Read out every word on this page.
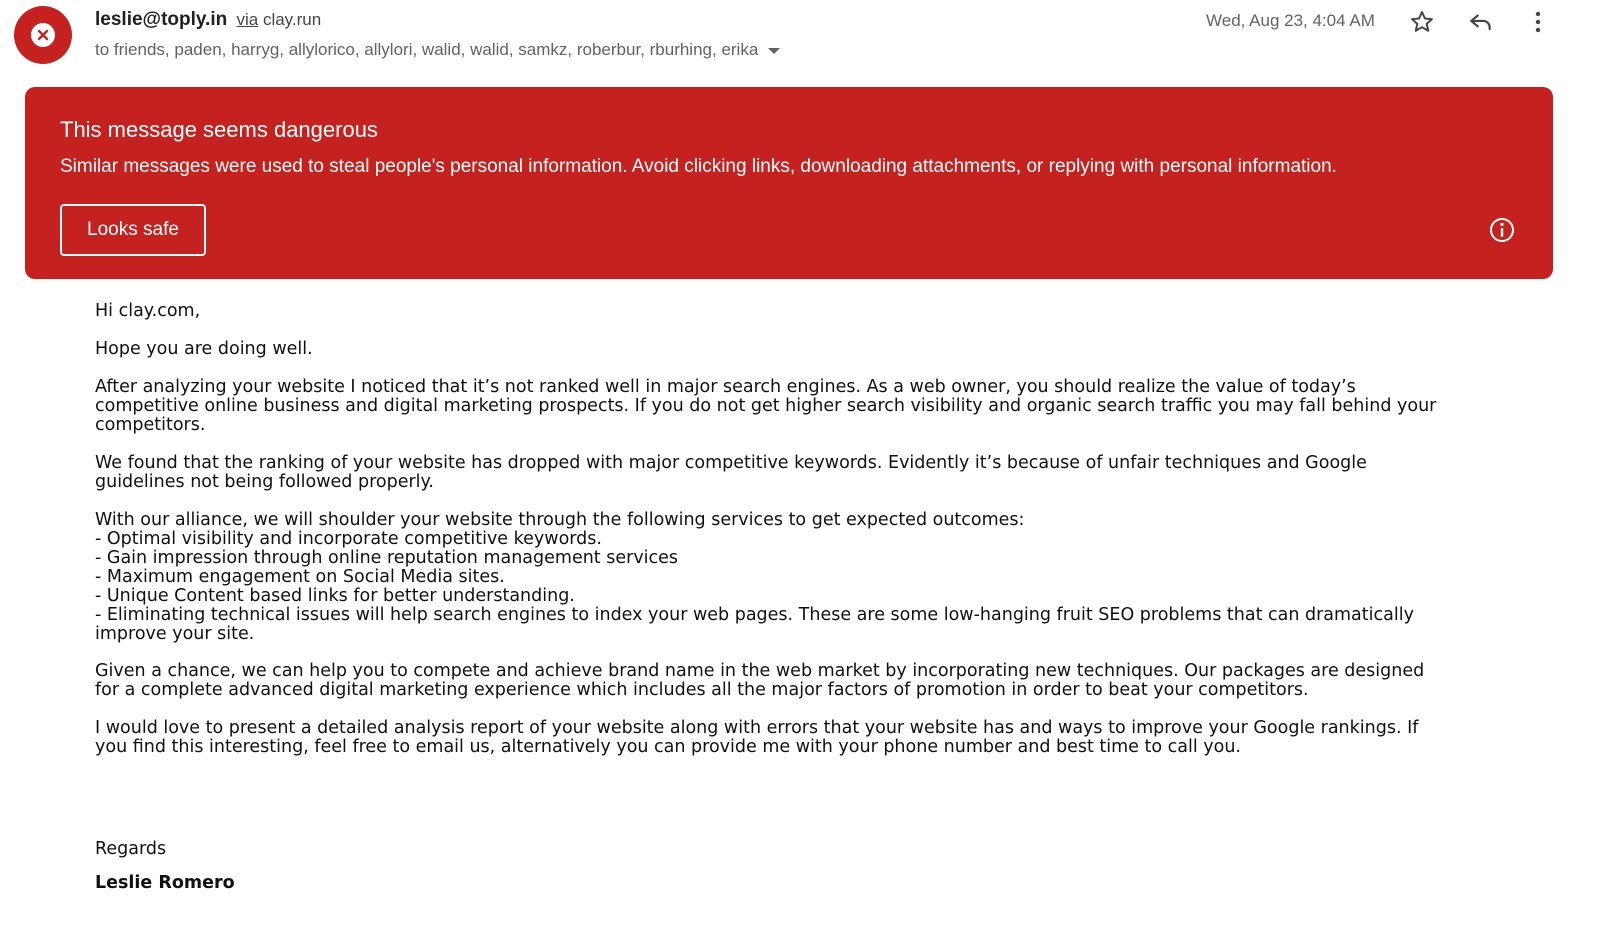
leslie@toply.in via clay.run
to friends, paden, harryg, allylorico, allylori, walid, walid, samkz, roberbur, rburhing, erika
Wed, Aug 23, 4:04 AM
This message seems dangerous
Similar messages were used to steal people's personal information. Avoid clicking links, downloading attachments, or replying with personal information.
Looks safe

Hi clay.com,

Hope you are doing well.

After analyzing your website I noticed that it’s not ranked well in major search engines. As a web owner, you should realize the value of today’s
competitive online business and digital marketing prospects. If you do not get higher search visibility and organic search traffic you may fall behind your
competitors.

We found that the ranking of your website has dropped with major competitive keywords. Evidently it’s because of unfair techniques and Google
guidelines not being followed properly.

With our alliance, we will shoulder your website through the following services to get expected outcomes:
- Optimal visibility and incorporate competitive keywords.
- Gain impression through online reputation management services
- Maximum engagement on Social Media sites.
- Unique Content based links for better understanding.
- Eliminating technical issues will help search engines to index your web pages. These are some low-hanging fruit SEO problems that can dramatically
improve your site.

Given a chance, we can help you to compete and achieve brand name in the web market by incorporating new techniques. Our packages are designed
for a complete advanced digital marketing experience which includes all the major factors of promotion in order to beat your competitors.

I would love to present a detailed analysis report of your website along with errors that your website has and ways to improve your Google rankings. If
you find this interesting, feel free to email us, alternatively you can provide me with your phone number and best time to call you.

Regards

Leslie Romero
